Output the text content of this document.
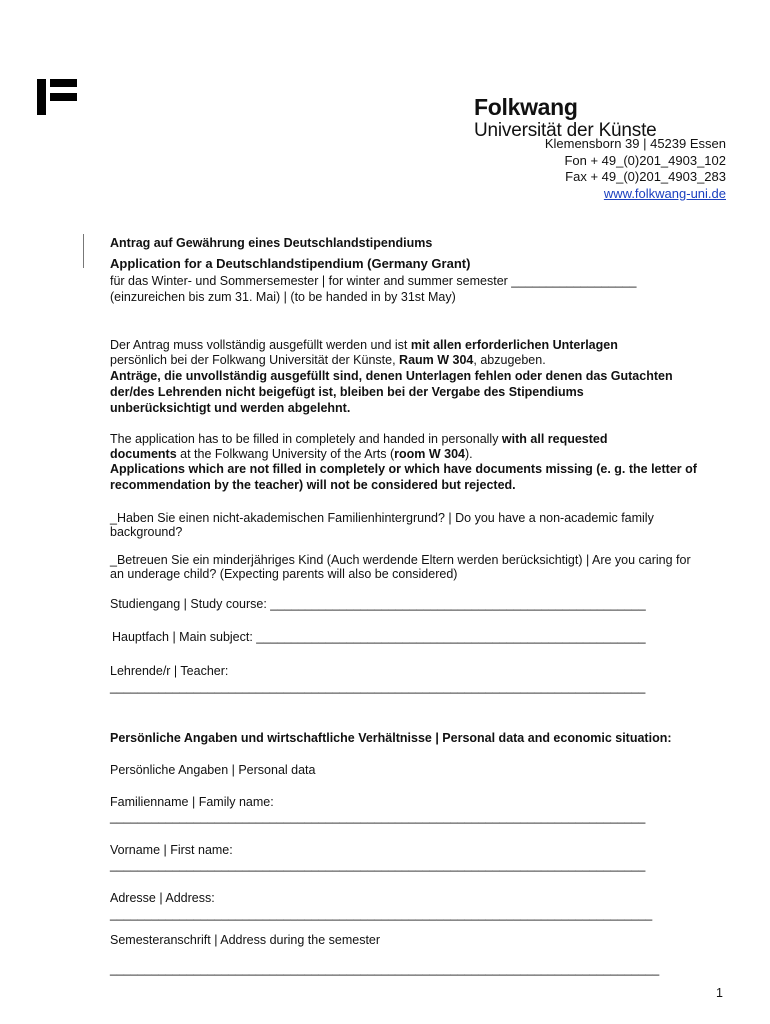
Folkwang
Universität der Künste
Klemensborn 39 | 45239 Essen
Fon + 49_(0)201_4903_102
Fax + 49_(0)201_4903_283
www.folkwang-uni.de
Antrag auf Gewährung eines Deutschlandstipendiums
Application for a Deutschlandstipendium (Germany Grant)
für das Winter- und Sommersemester | for winter and summer semester __________________
(einzureichen bis zum 31. Mai) | (to be handed in by 31st May)
Der Antrag muss vollständig ausgefüllt werden und ist mit allen erforderlichen Unterlagen
persönlich bei der Folkwang Universität der Künste, Raum W 304, abzugeben.
Anträge, die unvollständig ausgefüllt sind, denen Unterlagen fehlen oder denen das Gutachten
der/des Lehrenden nicht beigefügt ist, bleiben bei der Vergabe des Stipendiums
unberücksichtigt und werden abgelehnt.
The application has to be filled in completely and handed in personally with all requested
documents at the Folkwang University of the Arts (room W 304).
Applications which are not filled in completely or which have documents missing (e. g. the letter of
recommendation by the teacher) will not be considered but rejected.
_Haben Sie einen nicht-akademischen Familienhintergrund? | Do you have a non-academic family
background?
_Betreuen Sie ein minderjähriges Kind (Auch werdende Eltern werden berücksichtigt) | Are you caring for
an underage child? (Expecting parents will also be considered)
Studiengang | Study course: ______________________________________________________
Hauptfach | Main subject: ________________________________________________________
Lehrende/r | Teacher:
_____________________________________________________________________________
Persönliche Angaben und wirtschaftliche Verhältnisse | Personal data and economic situation:
Persönliche Angaben | Personal data
Familienname | Family name:
_____________________________________________________________________________
Vorname | First name:
_____________________________________________________________________________
Adresse | Address:
______________________________________________________________________________
Semesteranschrift | Address during the semester
_______________________________________________________________________________
1
